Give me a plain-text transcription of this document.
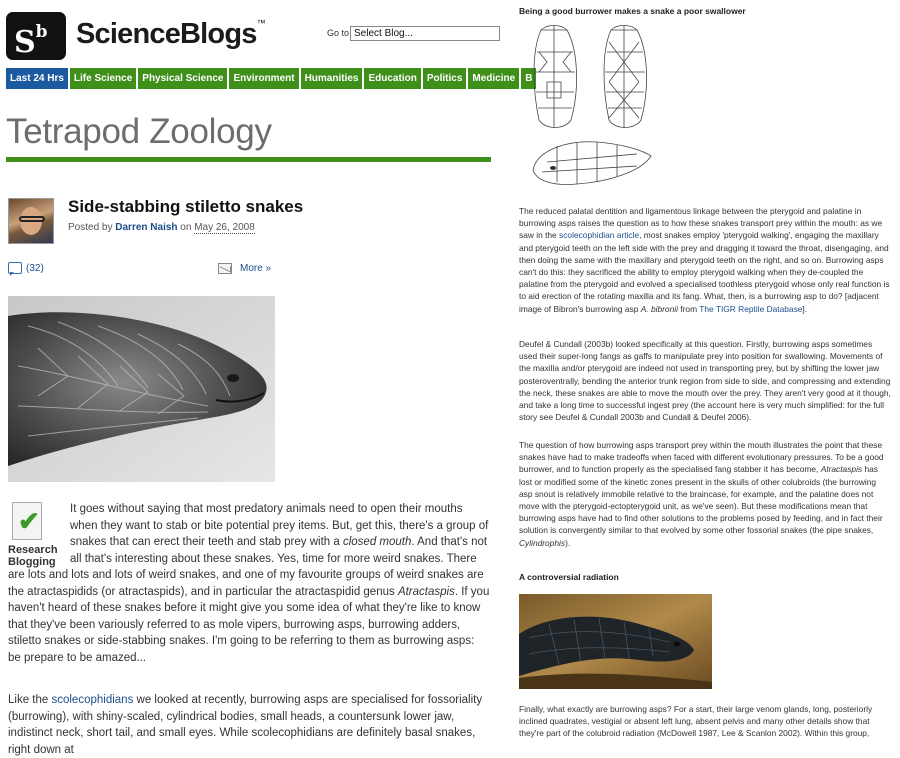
$S^b$ ScienceBlogs™
Go to Select Blog...
Last 24 Hrs	Life Science	Physical Science	Environment	Humanities	Education	Politics	Medicine	B
Tetrapod Zoology
Side-stabbing stiletto snakes
Posted by Darren Naish on May 26, 2008
(32)	More »
✔
Research
Blogging
It goes without saying that most predatory animals need to open their mouths when they want to stab or bite potential prey items. But, get this, there's a group of snakes that can erect their teeth and stab prey with a closed mouth. And that's not all that's interesting about these snakes. Yes, time for more weird snakes. There are lots and lots and lots of weird snakes, and one of my favourite groups of weird snakes are the atractaspidids (or atractaspids), and in particular the atractaspidid genus Atractaspis. If you haven't heard of these snakes before it might give you some idea of what they're like to know that they've been variously referred to as mole vipers, burrowing asps, burrowing adders, stiletto snakes or side-stabbing snakes. I'm going to be referring to them as burrowing asps: be prepare to be amazed...
Like the scolecophidians we looked at recently, burrowing asps are specialised for fossoriality (burrowing), with shiny-scaled, cylindrical bodies, small heads, a countersunk lower jaw, indistinct neck, short tail, and small eyes. While scolecophidians are definitely basal snakes, right down at
Being a good burrower makes a snake a poor swallower
The reduced palatal dentition and ligamentous linkage between the pterygoid and palatine in burrowing asps raises the question as to how these snakes transport prey within the mouth: as we saw in the scolecophidian article, most snakes employ 'pterygoid walking', engaging the maxillary and pterygoid teeth on the left side with the prey and dragging it toward the throat, disengaging, and then doing the same with the maxillary and pterygoid teeth on the right, and so on. Burrowing asps can't do this: they sacrificed the ability to employ pterygoid walking when they de-coupled the palatine from the pterygoid and evolved a specialised toothless pterygoid whose only real function is to aid erection of the rotating maxilla and its fang. What, then, is a burrowing asp to do? [adjacent image of Bibron's burrowing asp A. bibronii from The TIGR Reptile Database].
Deufel & Cundall (2003b) looked specifically at this question. Firstly, burrowing asps sometimes used their super-long fangs as gaffs to manipulate prey into position for swallowing. Movements of the maxilla and/or pterygoid are indeed not used in transporting prey, but by shifting the lower jaw posteroventrally, bending the anterior trunk region from side to side, and compressing and extending the neck, these snakes are able to move the mouth over the prey. They aren't very good at it though, and take a long time to successful ingest prey (the account here is very much simplified: for the full story see Deufel & Cundall 2003b and Cundall & Deufel 2006).
The question of how burrowing asps transport prey within the mouth illustrates the point that these snakes have had to make tradeoffs when faced with different evolutionary pressures. To be a good burrower, and to function properly as the specialised fang stabber it has become, Atractaspis has lost or modified some of the kinetic zones present in the skulls of other colubroids (the burrowing asp snout is relatively immobile relative to the braincase, for example, and the palatine does not move with the pterygoid-ectopterygoid unit, as we've seen). But these modifications mean that burrowing asps have had to find other solutions to the problems posed by feeding, and in fact their solution is convergently similar to that evolved by some other fossorial snakes (the pipe snakes, Cylindrophis).
A controversial radiation
Finally, what exactly are burrowing asps? For a start, their large venom glands, long, posteriorly inclined quadrates, vestigial or absent left lung, absent pelvis and many other details show that they're part of the colubroid radiation (McDowell 1987, Lee & Scanlon 2002). Within this group,
